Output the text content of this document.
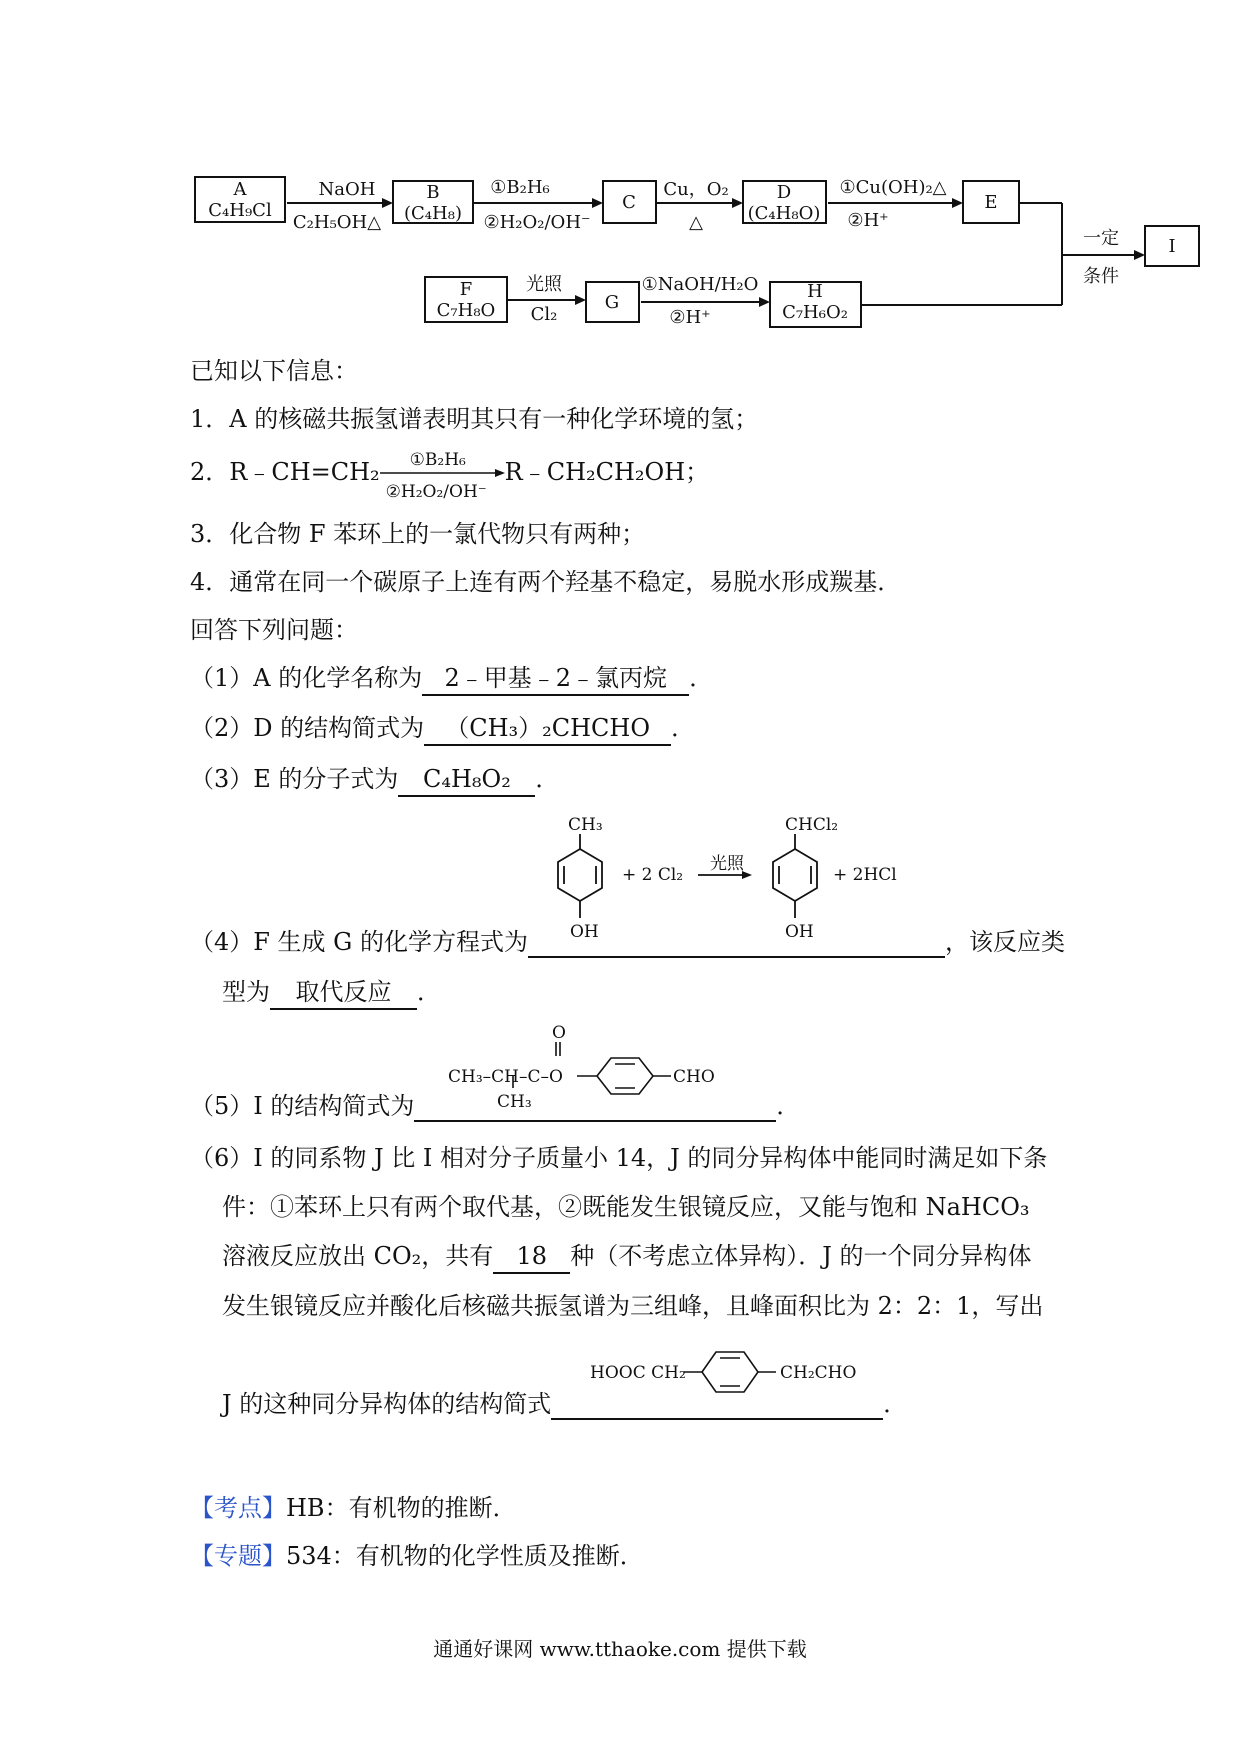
A
C₄H₉Cl
NaOH
C₂H₅OH△
B
(C₄H₈)
①B₂H₆
②H₂O₂/OH⁻
C
Cu，O₂
△
D
(C₄H₈O)
①Cu(OH)₂△
②H⁺
E
一定
条件
I
F
C₇H₈O
光照
Cl₂
G
①NaOH/H₂O
②H⁺
H
C₇H₆O₂
已知以下信息：
1．A 的核磁共振氢谱表明其只有一种化学环境的氢；
2．R﹣CH=CH₂ ①B₂H₆
②H₂O₂/OH⁻
R﹣CH₂CH₂OH；
3．化合物 F 苯环上的一氯代物只有两种；
4．通常在同一个碳原子上连有两个羟基不稳定，易脱水形成羰基．
回答下列问题：
（1）A 的化学名称为 2﹣甲基﹣2﹣氯丙烷 ．
（2）D 的结构简式为 （CH₃）₂CHCHO ．
（3）E 的分子式为 C₄H₈O₂ ．
CH₃
OH
+ 2 Cl₂
光照
CHCl₂
OH
+ 2HCl
（4）F 生成 G 的化学方程式为	，该反应类
型为 取代反应 ．
O
CH₃–CH–C–O
CH₃
CHO
（5）I 的结构简式为	．
（6）I 的同系物 J 比 I 相对分子质量小 14，J 的同分异构体中能同时满足如下条
件：①苯环上只有两个取代基，②既能发生银镜反应，又能与饱和 NaHCO₃
溶液反应放出 CO₂，共有 18 种（不考虑立体异构）．J 的一个同分异构体
发生银镜反应并酸化后核磁共振氢谱为三组峰，且峰面积比为 2：2：1，写出
HOOC CH₂	CH₂CHO
J 的这种同分异构体的结构简式	．
【考点】HB：有机物的推断．
【专题】534：有机物的化学性质及推断．
通通好课网 www.tthaoke.com 提供下载
